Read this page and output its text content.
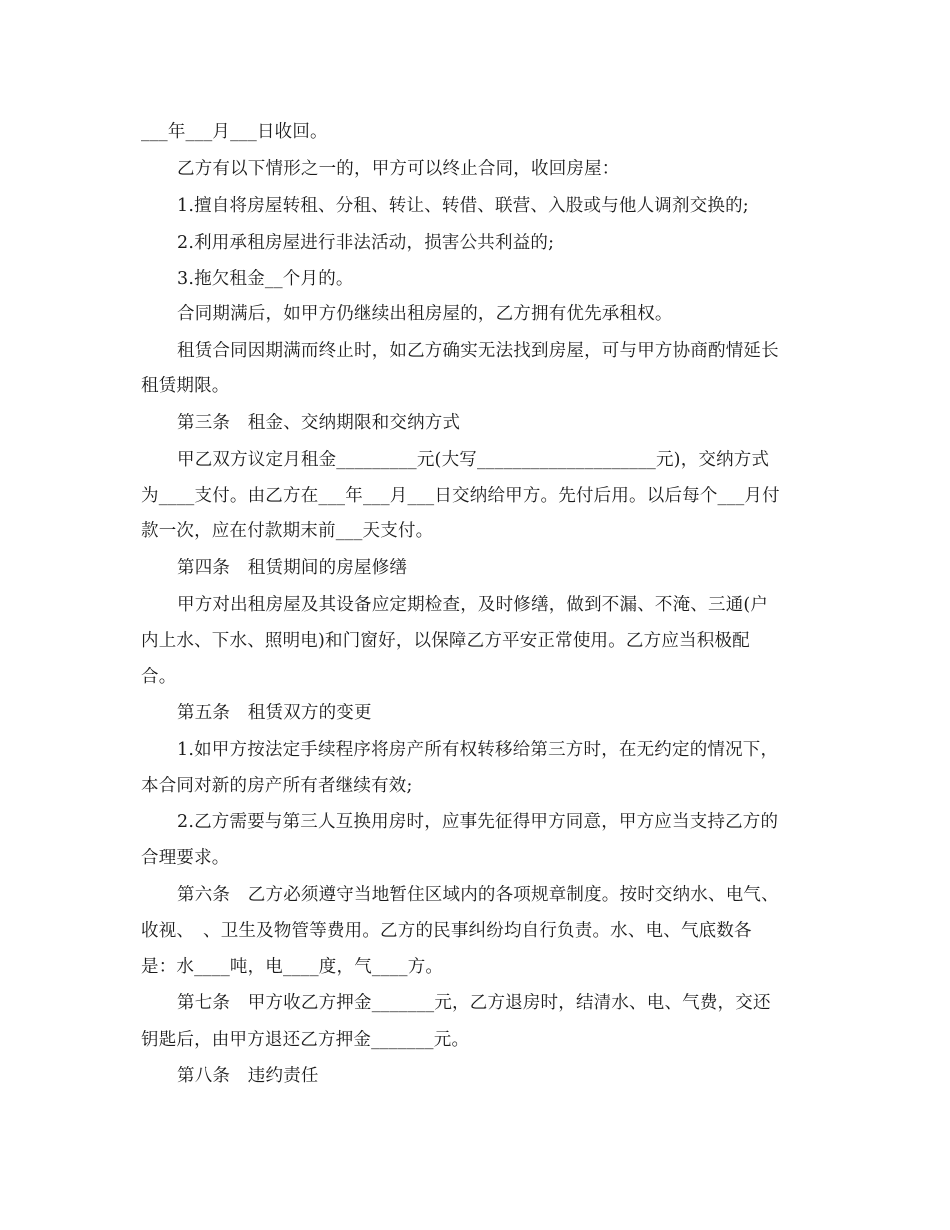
___年___月___日收回。

乙方有以下情形之一的，甲方可以终止合同，收回房屋：

1.擅自将房屋转租、分租、转让、转借、联营、入股或与他人调剂交换的;

2.利用承租房屋进行非法活动，损害公共利益的;

3.拖欠租金__个月的。

合同期满后，如甲方仍继续出租房屋的，乙方拥有优先承租权。

租赁合同因期满而终止时，如乙方确实无法找到房屋，可与甲方协商酌情延长

租赁期限。

第三条　租金、交纳期限和交纳方式

甲乙双方议定月租金_________元(大写____________________元)，交纳方式

为____支付。由乙方在___年___月___日交纳给甲方。先付后用。以后每个___月付

款一次，应在付款期末前___天支付。

第四条　租赁期间的房屋修缮

甲方对出租房屋及其设备应定期检查，及时修缮，做到不漏、不淹、三通(户

内上水、下水、照明电)和门窗好，以保障乙方平安正常使用。乙方应当积极配

合。

第五条　租赁双方的变更

1.如甲方按法定手续程序将房产所有权转移给第三方时，在无约定的情况下，

本合同对新的房产所有者继续有效;

2.乙方需要与第三人互换用房时，应事先征得甲方同意，甲方应当支持乙方的

合理要求。

第六条　乙方必须遵守当地暂住区域内的各项规章制度。按时交纳水、电气、

收视、　、卫生及物管等费用。乙方的民事纠纷均自行负责。水、电、气底数各

是：水____吨，电____度，气____方。

第七条　甲方收乙方押金_______元，乙方退房时，结清水、电、气费，交还

钥匙后，由甲方退还乙方押金_______元。

第八条　违约责任
